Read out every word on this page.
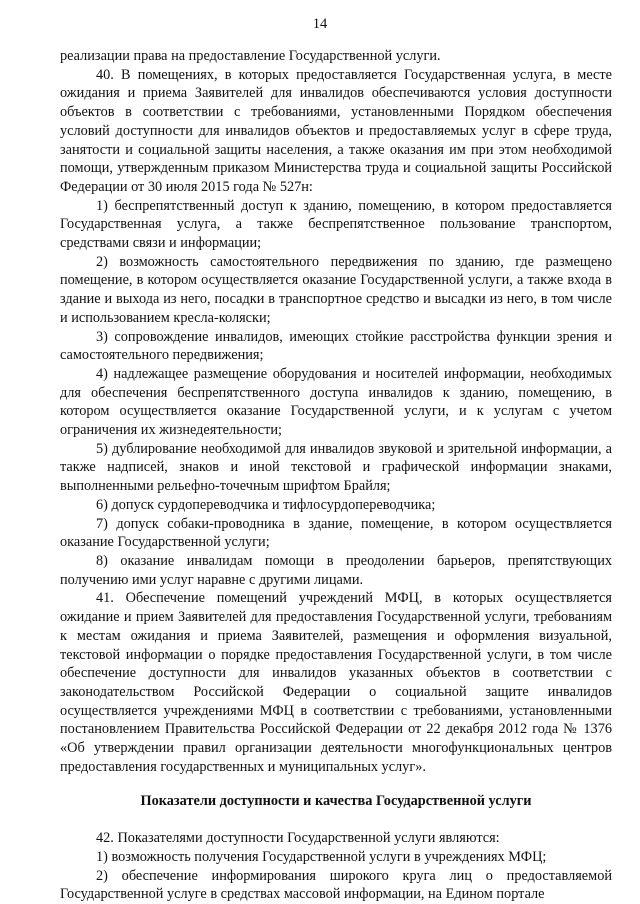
14

реализации права на предоставление Государственной услуги.

40. В помещениях, в которых предоставляется Государственная услуга, в месте ожидания и приема Заявителей для инвалидов обеспечиваются условия доступности объектов в соответствии с требованиями, установленными Порядком обеспечения условий доступности для инвалидов объектов и предоставляемых услуг в сфере труда, занятости и социальной защиты населения, а также оказания им при этом необходимой помощи, утвержденным приказом Министерства труда и социальной защиты Российской Федерации от 30 июля 2015 года № 527н:

1) беспрепятственный доступ к зданию, помещению, в котором предоставляется Государственная услуга, а также беспрепятственное пользование транспортом, средствами связи и информации;

2) возможность самостоятельного передвижения по зданию, где размещено помещение, в котором осуществляется оказание Государственной услуги, а также входа в здание и выхода из него, посадки в транспортное средство и высадки из него, в том числе и использованием кресла-коляски;

3) сопровождение инвалидов, имеющих стойкие расстройства функции зрения и самостоятельного передвижения;

4) надлежащее размещение оборудования и носителей информации, необходимых для обеспечения беспрепятственного доступа инвалидов к зданию, помещению, в котором осуществляется оказание Государственной услуги, и к услугам с учетом ограничения их жизнедеятельности;

5) дублирование необходимой для инвалидов звуковой и зрительной информации, а также надписей, знаков и иной текстовой и графической информации знаками, выполненными рельефно-точечным шрифтом Брайля;

6) допуск сурдопереводчика и тифлосурдопереводчика;

7) допуск собаки-проводника в здание, помещение, в котором осуществляется оказание Государственной услуги;

8) оказание инвалидам помощи в преодолении барьеров, препятствующих получению ими услуг наравне с другими лицами.

41. Обеспечение помещений учреждений МФЦ, в которых осуществляется ожидание и прием Заявителей для предоставления Государственной услуги, требованиям к местам ожидания и приема Заявителей, размещения и оформления визуальной, текстовой информации о порядке предоставления Государственной услуги, в том числе обеспечение доступности для инвалидов указанных объектов в соответствии с законодательством Российской Федерации о социальной защите инвалидов осуществляется учреждениями МФЦ в соответствии с требованиями, установленными постановлением Правительства Российской Федерации от 22 декабря 2012 года № 1376 «Об утверждении правил организации деятельности многофункциональных центров предоставления государственных и муниципальных услуг».

Показатели доступности и качества Государственной услуги

42. Показателями доступности Государственной услуги являются:

1) возможность получения Государственной услуги в учреждениях МФЦ;

2) обеспечение информирования широкого круга лиц о предоставляемой Государственной услуге в средствах массовой информации, на Едином портале
